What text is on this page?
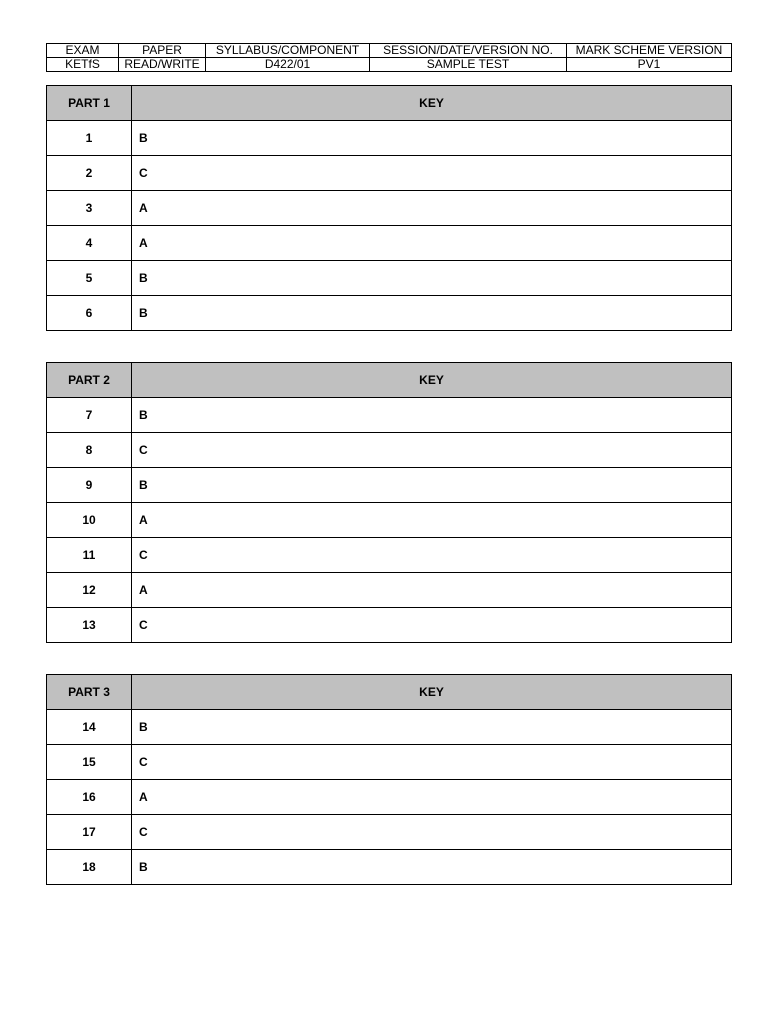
EXAM	PAPER	SYLLABUS/COMPONENT	SESSION/DATE/VERSION NO.	MARK SCHEME VERSION
KETfS	READ/WRITE	D422/01	SAMPLE TEST	PV1
PART 1	KEY
1	B
2	C
3	A
4	A
5	B
6	B
PART 2	KEY
7	B
8	C
9	B
10	A
11	C
12	A
13	C
PART 3	KEY
14	B
15	C
16	A
17	C
18	B
